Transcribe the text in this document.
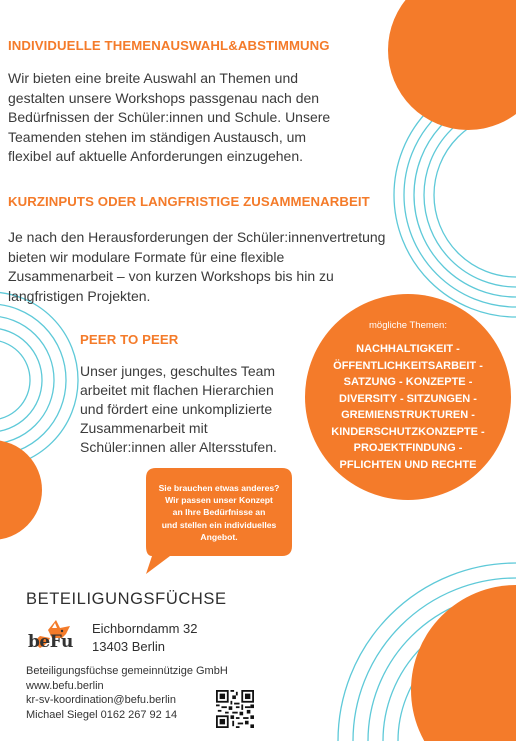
INDIVIDUELLE THEMENAUSWAHL&ABSTIMMUNG
Wir bieten eine breite Auswahl an Themen und
gestalten unsere Workshops passgenau nach den
Bedürfnissen der Schüler:innen und Schule. Unsere
Teamenden stehen im ständigen Austausch, um
flexibel auf aktuelle Anforderungen einzugehen.
KURZINPUTS ODER LANGFRISTIGE ZUSAMMENARBEIT
Je nach den Herausforderungen der Schüler:innenvertretung
bieten wir modulare Formate für eine flexible
Zusammenarbeit – von kurzen Workshops bis hin zu
langfristigen Projekten.
PEER TO PEER
Unser junges, geschultes Team
arbeitet mit flachen Hierarchien
und fördert eine unkomplizierte
Zusammenarbeit mit
Schüler:innen aller Altersstufen.
mögliche Themen:
NACHHALTIGKEIT -
ÖFFENTLICHKEITSARBEIT -
SATZUNG - KONZEPTE -
DIVERSITY - SITZUNGEN -
GREMIENSTRUKTUREN -
KINDERSCHUTZKONZEPTE -
PROJEKTFINDUNG -
PFLICHTEN UND RECHTE
Sie brauchen etwas anderes?
Wir passen unser Konzept
an Ihre Bedürfnisse an
und stellen ein individuelles
Angebot.
BETEILIGUNGSFÜCHSE
beFu
Eichborndamm 32
13403 Berlin
Beteiligungsfüchse gemeinnützige GmbH
www.befu.berlin
kr-sv-koordination@befu.berlin
Michael Siegel 0162 267 92 14
